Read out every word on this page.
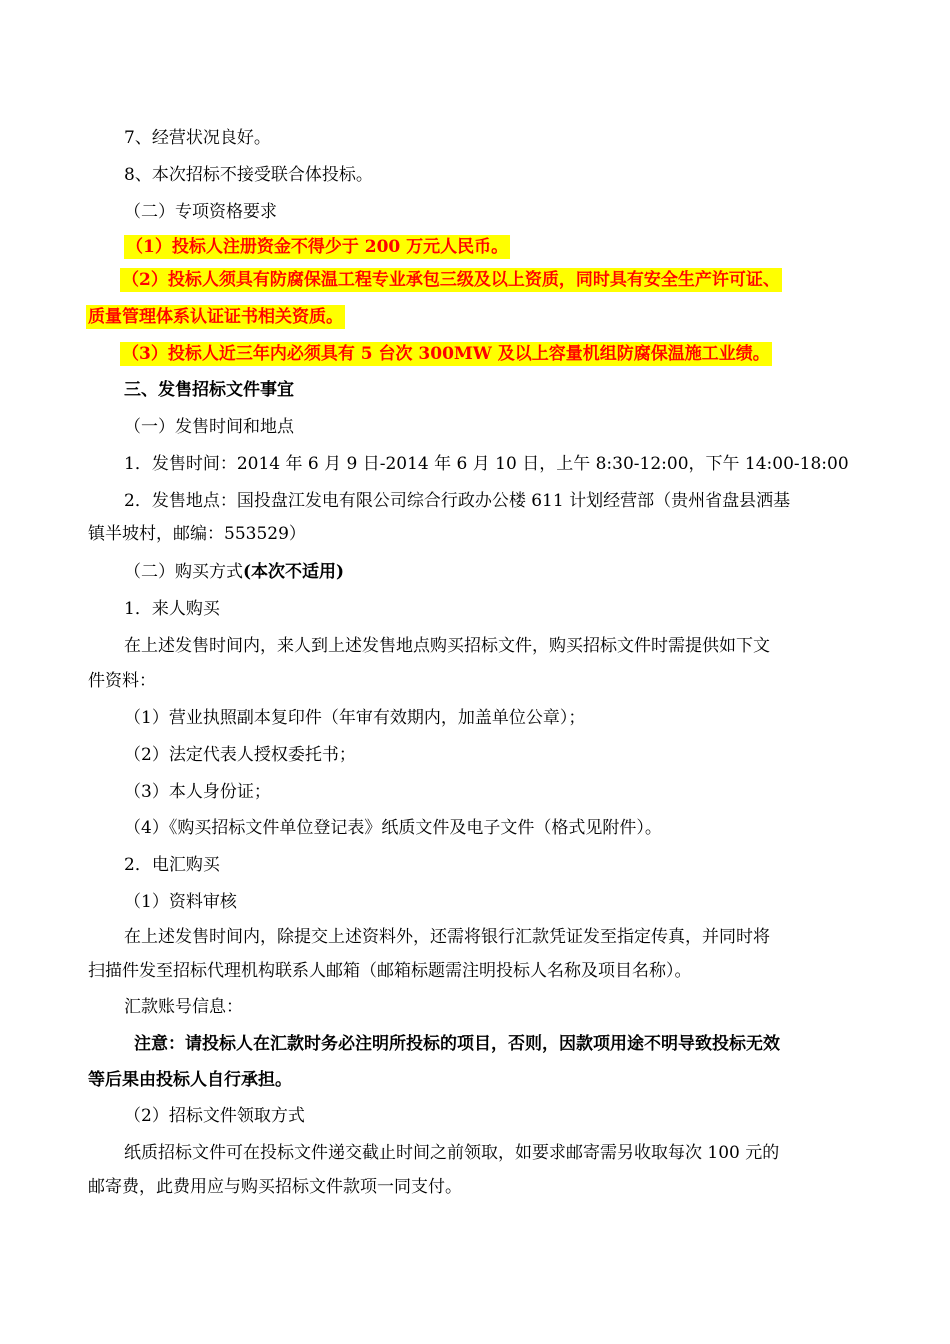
7、经营状况良好。
8、本次招标不接受联合体投标。
（二）专项资格要求
（1）投标人注册资金不得少于 200 万元人民币。
（2）投标人须具有防腐保温工程专业承包三级及以上资质，同时具有安全生产许可证、
质量管理体系认证证书相关资质。
（3）投标人近三年内必须具有 5 台次 300MW 及以上容量机组防腐保温施工业绩。
三、发售招标文件事宜
（一）发售时间和地点
1．发售时间：2014 年 6 月 9 日-2014 年 6 月 10 日，上午 8:30-12:00，下午 14:00-18:00
2．发售地点：国投盘江发电有限公司综合行政办公楼 611 计划经营部（贵州省盘县洒基
镇半坡村，邮编：553529）
（二）购买方式(本次不适用)
1．来人购买
在上述发售时间内，来人到上述发售地点购买招标文件，购买招标文件时需提供如下文
件资料：
（1）营业执照副本复印件（年审有效期内，加盖单位公章）；
（2）法定代表人授权委托书；
（3）本人身份证；
（4）《购买招标文件单位登记表》纸质文件及电子文件（格式见附件）。
2．电汇购买
（1）资料审核
在上述发售时间内，除提交上述资料外，还需将银行汇款凭证发至指定传真，并同时将
扫描件发至招标代理机构联系人邮箱（邮箱标题需注明投标人名称及项目名称）。
汇款账号信息：
注意：请投标人在汇款时务必注明所投标的项目，否则，因款项用途不明导致投标无效
等后果由投标人自行承担。
（2）招标文件领取方式
纸质招标文件可在投标文件递交截止时间之前领取，如要求邮寄需另收取每次 100 元的
邮寄费，此费用应与购买招标文件款项一同支付。
